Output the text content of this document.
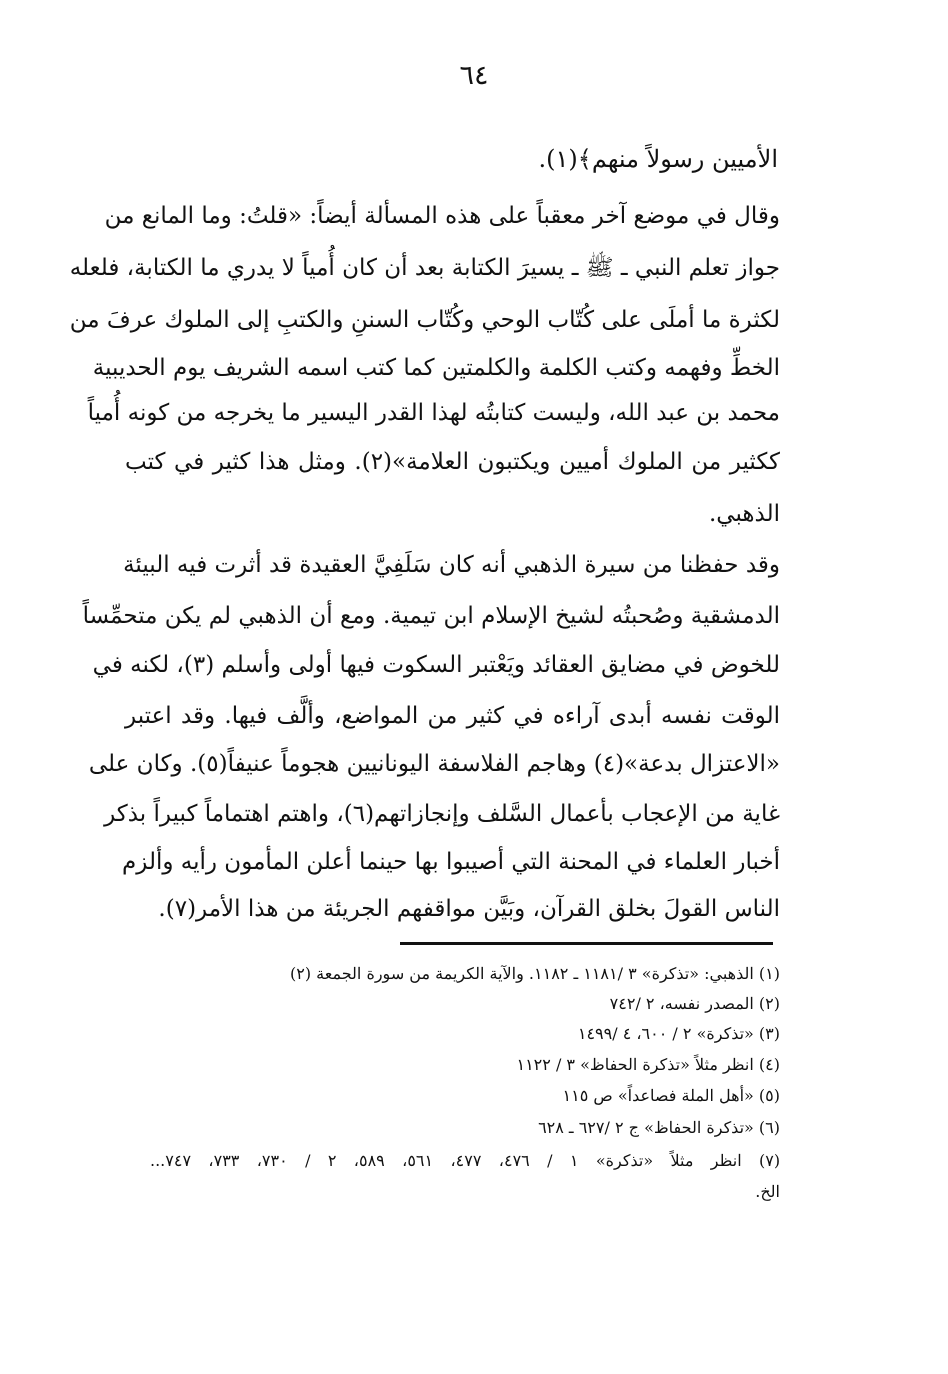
٦٤
الأميين رسولاً منهم﴾(١).
وقال في موضع آخر معقباً على هذه المسألة أيضاً: «قلتُ: وما المانع من
جواز تعلم النبي ـ ﷺ ـ يسيرَ الكتابة بعد أن كان أُمياً لا يدري ما الكتابة، فلعله
لكثرة ما أملَى على كُتّاب الوحي وكُتّاب السننِ والكتبِ إلى الملوك عرفَ من
الخطِّ وفهمه وكتب الكلمة والكلمتين كما كتب اسمه الشريف يوم الحديبية
محمد بن عبد الله، وليست كتابتُه لهذا القدر اليسير ما يخرجه من كونه أُمياً
ككثير من الملوك أميين ويكتبون العلامة»(٢). ومثل هذا كثير في كتب
الذهبي.
وقد حفظنا من سيرة الذهبي أنه كان سَلَفِيَّ العقيدة قد أثرت فيه البيئة
الدمشقية وصُحبتُه لشيخ الإسلام ابن تيمية. ومع أن الذهبي لم يكن متحمِّساً
للخوض في مضايق العقائد ويَعْتبر السكوت فيها أولى وأسلم (٣)، لكنه في
الوقت نفسه أبدى آراءه في كثير من المواضع، وألَّف فيها. وقد اعتبر
«الاعتزال بدعة»(٤) وهاجم الفلاسفة اليونانيين هجوماً عنيفاً(٥). وكان على
غاية من الإعجاب بأعمال السَّلف وإنجازاتهم(٦)، واهتم اهتماماً كبيراً بذكر
أخبار العلماء في المحنة التي أصيبوا بها حينما أعلن المأمون رأيه وألزم
الناس القولَ بخلق القرآن، وبَيَّن مواقفهم الجريئة من هذا الأمر(٧).
(١) الذهبي: «تذكرة» ٣ /١١٨١ ـ ١١٨٢. والآية الكريمة من سورة الجمعة (٢)
(٢) المصدر نفسه، ٢ /٧٤٢
(٣) «تذكرة» ٢ / ٦٠٠، ٤ /١٤٩٩
(٤) انظر مثلاً «تذكرة الحفاظ» ٣ / ١١٢٢
(٥) «أهل الملة فصاعداً» ص ١١٥
(٦) «تذكرة الحفاظ» ج ٢ /٦٢٧ ـ ٦٢٨
(٧) انظر مثلاً «تذكرة» ١ / ٤٧٦، ٤٧٧، ٥٦١، ٥٨٩، ٢ / ٧٣٠، ٧٣٣، ٧٤٧...
الخ.
